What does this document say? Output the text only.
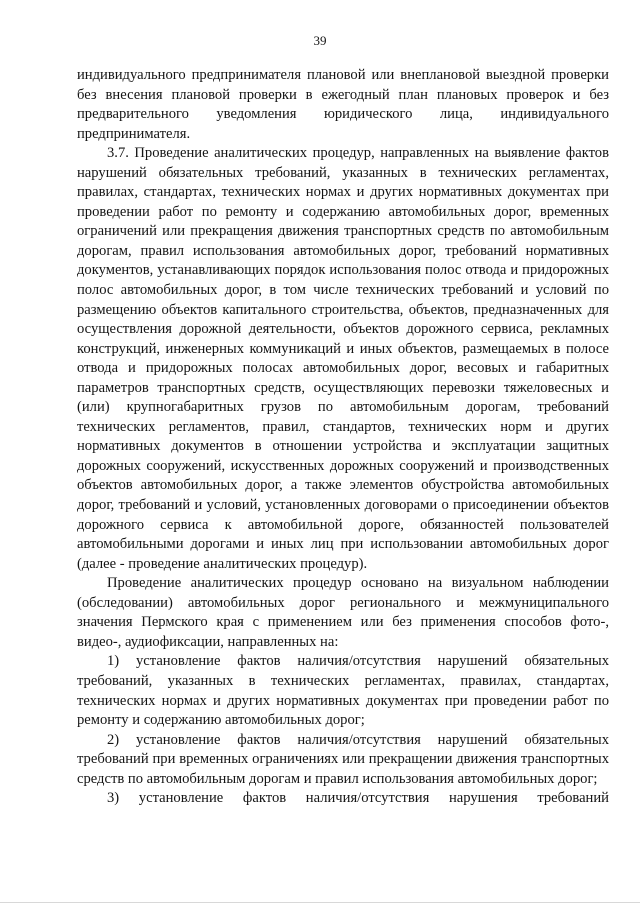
39

индивидуального предпринимателя плановой или внеплановой выездной проверки без внесения плановой проверки в ежегодный план плановых проверок и без предварительного уведомления юридического лица, индивидуального предпринимателя.

3.7. Проведение аналитических процедур, направленных на выявление фактов нарушений обязательных требований, указанных в технических регламентах, правилах, стандартах, технических нормах и других нормативных документах при проведении работ по ремонту и содержанию автомобильных дорог, временных ограничений или прекращения движения транспортных средств по автомобильным дорогам, правил использования автомобильных дорог, требований нормативных документов, устанавливающих порядок использования полос отвода и придорожных полос автомобильных дорог, в том числе технических требований и условий по размещению объектов капитального строительства, объектов, предназначенных для осуществления дорожной деятельности, объектов дорожного сервиса, рекламных конструкций, инженерных коммуникаций и иных объектов, размещаемых в полосе отвода и придорожных полосах автомобильных дорог, весовых и габаритных параметров транспортных средств, осуществляющих перевозки тяжеловесных и (или) крупногабаритных грузов по автомобильным дорогам, требований технических регламентов, правил, стандартов, технических норм и других нормативных документов в отношении устройства и эксплуатации защитных дорожных сооружений, искусственных дорожных сооружений и производственных объектов автомобильных дорог, а также элементов обустройства автомобильных дорог, требований и условий, установленных договорами о присоединении объектов дорожного сервиса к автомобильной дороге, обязанностей пользователей автомобильными дорогами и иных лиц при использовании автомобильных дорог (далее - проведение аналитических процедур).

Проведение аналитических процедур основано на визуальном наблюдении (обследовании) автомобильных дорог регионального и межмуниципального значения Пермского края с применением или без применения способов фото-, видео-, аудиофиксации, направленных на:

1) установление фактов наличия/отсутствия нарушений обязательных требований, указанных в технических регламентах, правилах, стандартах, технических нормах и других нормативных документах при проведении работ по ремонту и содержанию автомобильных дорог;

2) установление фактов наличия/отсутствия нарушений обязательных требований при временных ограничениях или прекращении движения транспортных средств по автомобильным дорогам и правил использования автомобильных дорог;

3) установление фактов наличия/отсутствия нарушения требований
